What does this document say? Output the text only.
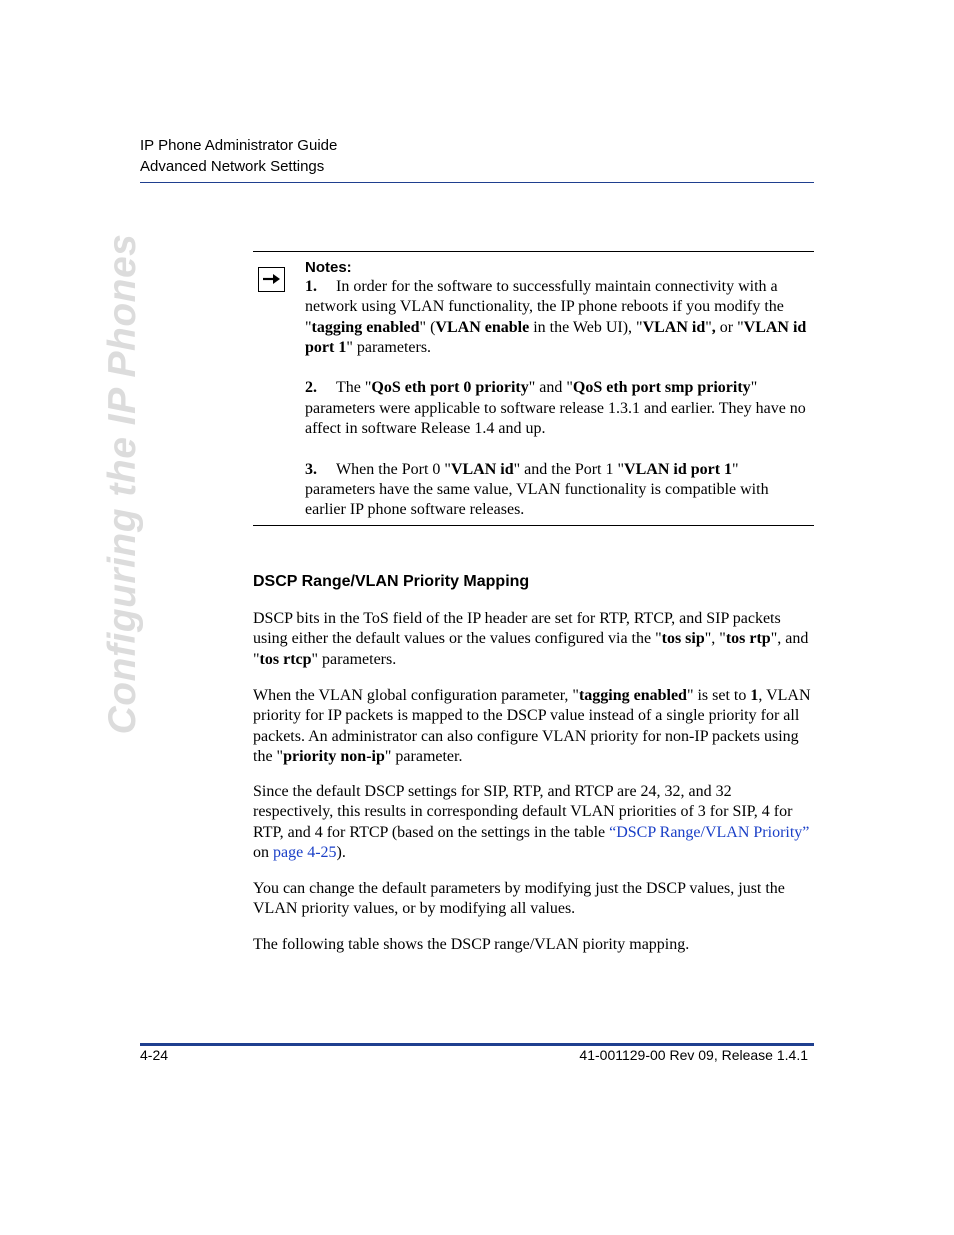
IP Phone Administrator Guide
Advanced Network Settings
Configuring the IP Phones	Notes:

1. In order for the software to successfully maintain connectivity with a network using VLAN functionality, the IP phone reboots if you modify the "tagging enabled" (VLAN enable in the Web UI), "VLAN id", or "VLAN id port 1" parameters.

2. The "QoS eth port 0 priority" and "QoS eth port smp priority" parameters were applicable to software release 1.3.1 and earlier. They have no affect in software Release 1.4 and up.

3. When the Port 0 "VLAN id" and the Port 1 "VLAN id port 1" parameters have the same value, VLAN functionality is compatible with earlier IP phone software releases.

DSCP Range/VLAN Priority Mapping

DSCP bits in the ToS field of the IP header are set for RTP, RTCP, and SIP packets using either the default values or the values configured via the "tos sip", "tos rtp", and "tos rtcp" parameters.

When the VLAN global configuration parameter, "tagging enabled" is set to 1, VLAN priority for IP packets is mapped to the DSCP value instead of a single priority for all packets. An administrator can also configure VLAN priority for non-IP packets using the "priority non-ip" parameter.

Since the default DSCP settings for SIP, RTP, and RTCP are 24, 32, and 32 respectively, this results in corresponding default VLAN priorities of 3 for SIP, 4 for RTP, and 4 for RTCP (based on the settings in the table “DSCP Range/VLAN Priority” on page 4-25).

You can change the default parameters by modifying just the DSCP values, just the VLAN priority values, or by modifying all values.

The following table shows the DSCP range/VLAN piority mapping.

4-24	41-001129-00 Rev 09, Release 1.4.1
